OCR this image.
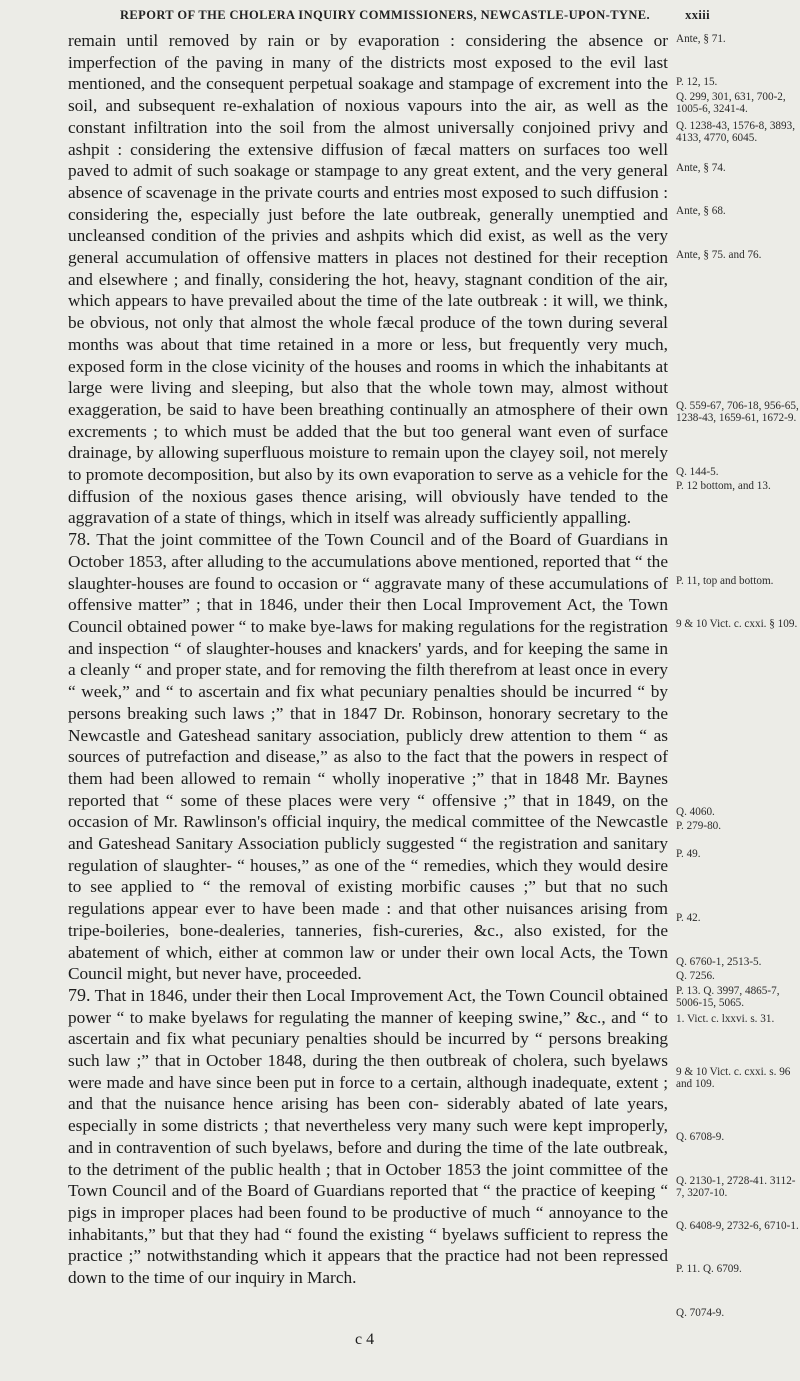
REPORT OF THE CHOLERA INQUIRY COMMISSIONERS, NEWCASTLE-UPON-TYNE.	xxiii

remain until removed by rain or by evaporation : considering the absence or imperfection of the paving in many of the districts most exposed to the evil last mentioned, and the consequent perpetual soakage and stampage of excrement into the soil, and subsequent re-exhalation of noxious vapours into the air, as well as the constant infiltration into the soil from the almost universally conjoined privy and ashpit : considering the extensive diffusion of fæcal matters on surfaces too well paved to admit of such soakage or stampage to any great extent, and the very general absence of scavenage in the private courts and entries most exposed to such diffusion : considering the, especially just before the late outbreak, generally unemptied and uncleansed condition of the privies and ashpits which did exist, as well as the very general accumulation of offensive matters in places not destined for their reception and elsewhere ; and finally, considering the hot, heavy, stagnant condition of the air, which appears to have prevailed about the time of the late outbreak : it will, we think, be obvious, not only that almost the whole fæcal produce of the town during several months was about that time retained in a more or less, but frequently very much, exposed form in the close vicinity of the houses and rooms in which the inhabitants at large were living and sleeping, but also that the whole town may, almost without exaggeration, be said to have been breathing continually an atmosphere of their own excrements ; to which must be added that the but too general want even of surface drainage, by allowing superfluous moisture to remain upon the clayey soil, not merely to promote decomposition, but also by its own evaporation to serve as a vehicle for the diffusion of the noxious gases thence arising, will obviously have tended to the aggravation of a state of things, which in itself was already sufficiently appalling.

78. That the joint committee of the Town Council and of the Board of Guardians in October 1853, after alluding to the accumulations above mentioned, reported that “ the slaughter-houses are found to occasion or “ aggravate many of these accumulations of offensive matter” ; that in 1846, under their then Local Improvement Act, the Town Council obtained power “ to make bye-laws for making regulations for the registration and inspection “ of slaughter-houses and knackers' yards, and for keeping the same in a cleanly “ and proper state, and for removing the filth therefrom at least once in every “ week,” and “ to ascertain and fix what pecuniary penalties should be incurred “ by persons breaking such laws ;” that in 1847 Dr. Robinson, honorary secretary to the Newcastle and Gateshead sanitary association, publicly drew attention to them “ as sources of putrefaction and disease,” as also to the fact that the powers in respect of them had been allowed to remain “ wholly inoperative ;” that in 1848 Mr. Baynes reported that “ some of these places were very “ offensive ;” that in 1849, on the occasion of Mr. Rawlinson's official inquiry, the medical committee of the Newcastle and Gateshead Sanitary Association publicly suggested “ the registration and sanitary regulation of slaughter- “ houses,” as one of the “ remedies, which they would desire to see applied to “ the removal of existing morbific causes ;” but that no such regulations appear ever to have been made : and that other nuisances arising from tripe-boileries, bone-dealeries, tanneries, fish-cureries, &c., also existed, for the abatement of which, either at common law or under their own local Acts, the Town Council might, but never have, proceeded.

79. That in 1846, under their then Local Improvement Act, the Town Council obtained power “ to make byelaws for regulating the manner of keeping swine,” &c., and “ to ascertain and fix what pecuniary penalties should be incurred by “ persons breaking such law ;” that in October 1848, during the then outbreak of cholera, such byelaws were made and have since been put in force to a certain, although inadequate, extent ; and that the nuisance hence arising has been con- siderably abated of late years, especially in some districts ; that nevertheless very many such were kept improperly, and in contravention of such byelaws, before and during the time of the late outbreak, to the detriment of the public health ; that in October 1853 the joint committee of the Town Council and of the Board of Guardians reported that “ the practice of keeping “ pigs in improper places had been found to be productive of much “ annoyance to the inhabitants,” but that they had “ found the existing “ byelaws sufficient to repress the practice ;” notwithstanding which it appears that the practice had not been repressed down to the time of our inquiry in March.

Ante, § 71.
P. 12, 15.
Q. 299, 301, 631, 700-2, 1005-6, 3241-4.
Q. 1238-43, 1576-8, 3893, 4133, 4770, 6045.
Ante, § 74.
Ante, § 68.
Ante, § 75. and 76.
Q. 559-67, 706-18, 956-65, 1238-43, 1659-61, 1672-9.
Q. 144-5.
P. 12 bottom, and 13.
P. 11, top and bottom.
9 & 10 Vict. c. cxxi. § 109.
Q. 4060.
P. 279-80.
P. 49.
P. 42.
Q. 6760-1, 2513-5.
Q. 7256.
P. 13. Q. 3997, 4865-7, 5006-15, 5065.
1. Vict. c. lxxvi. s. 31.
9 & 10 Vict. c. cxxi. s. 96 and 109.
Q. 6708-9.
Q. 2130-1, 2728-41. 3112-7, 3207-10.
Q. 6408-9, 2732-6, 6710-1.
P. 11. Q. 6709.
Q. 7074-9.
c 4
